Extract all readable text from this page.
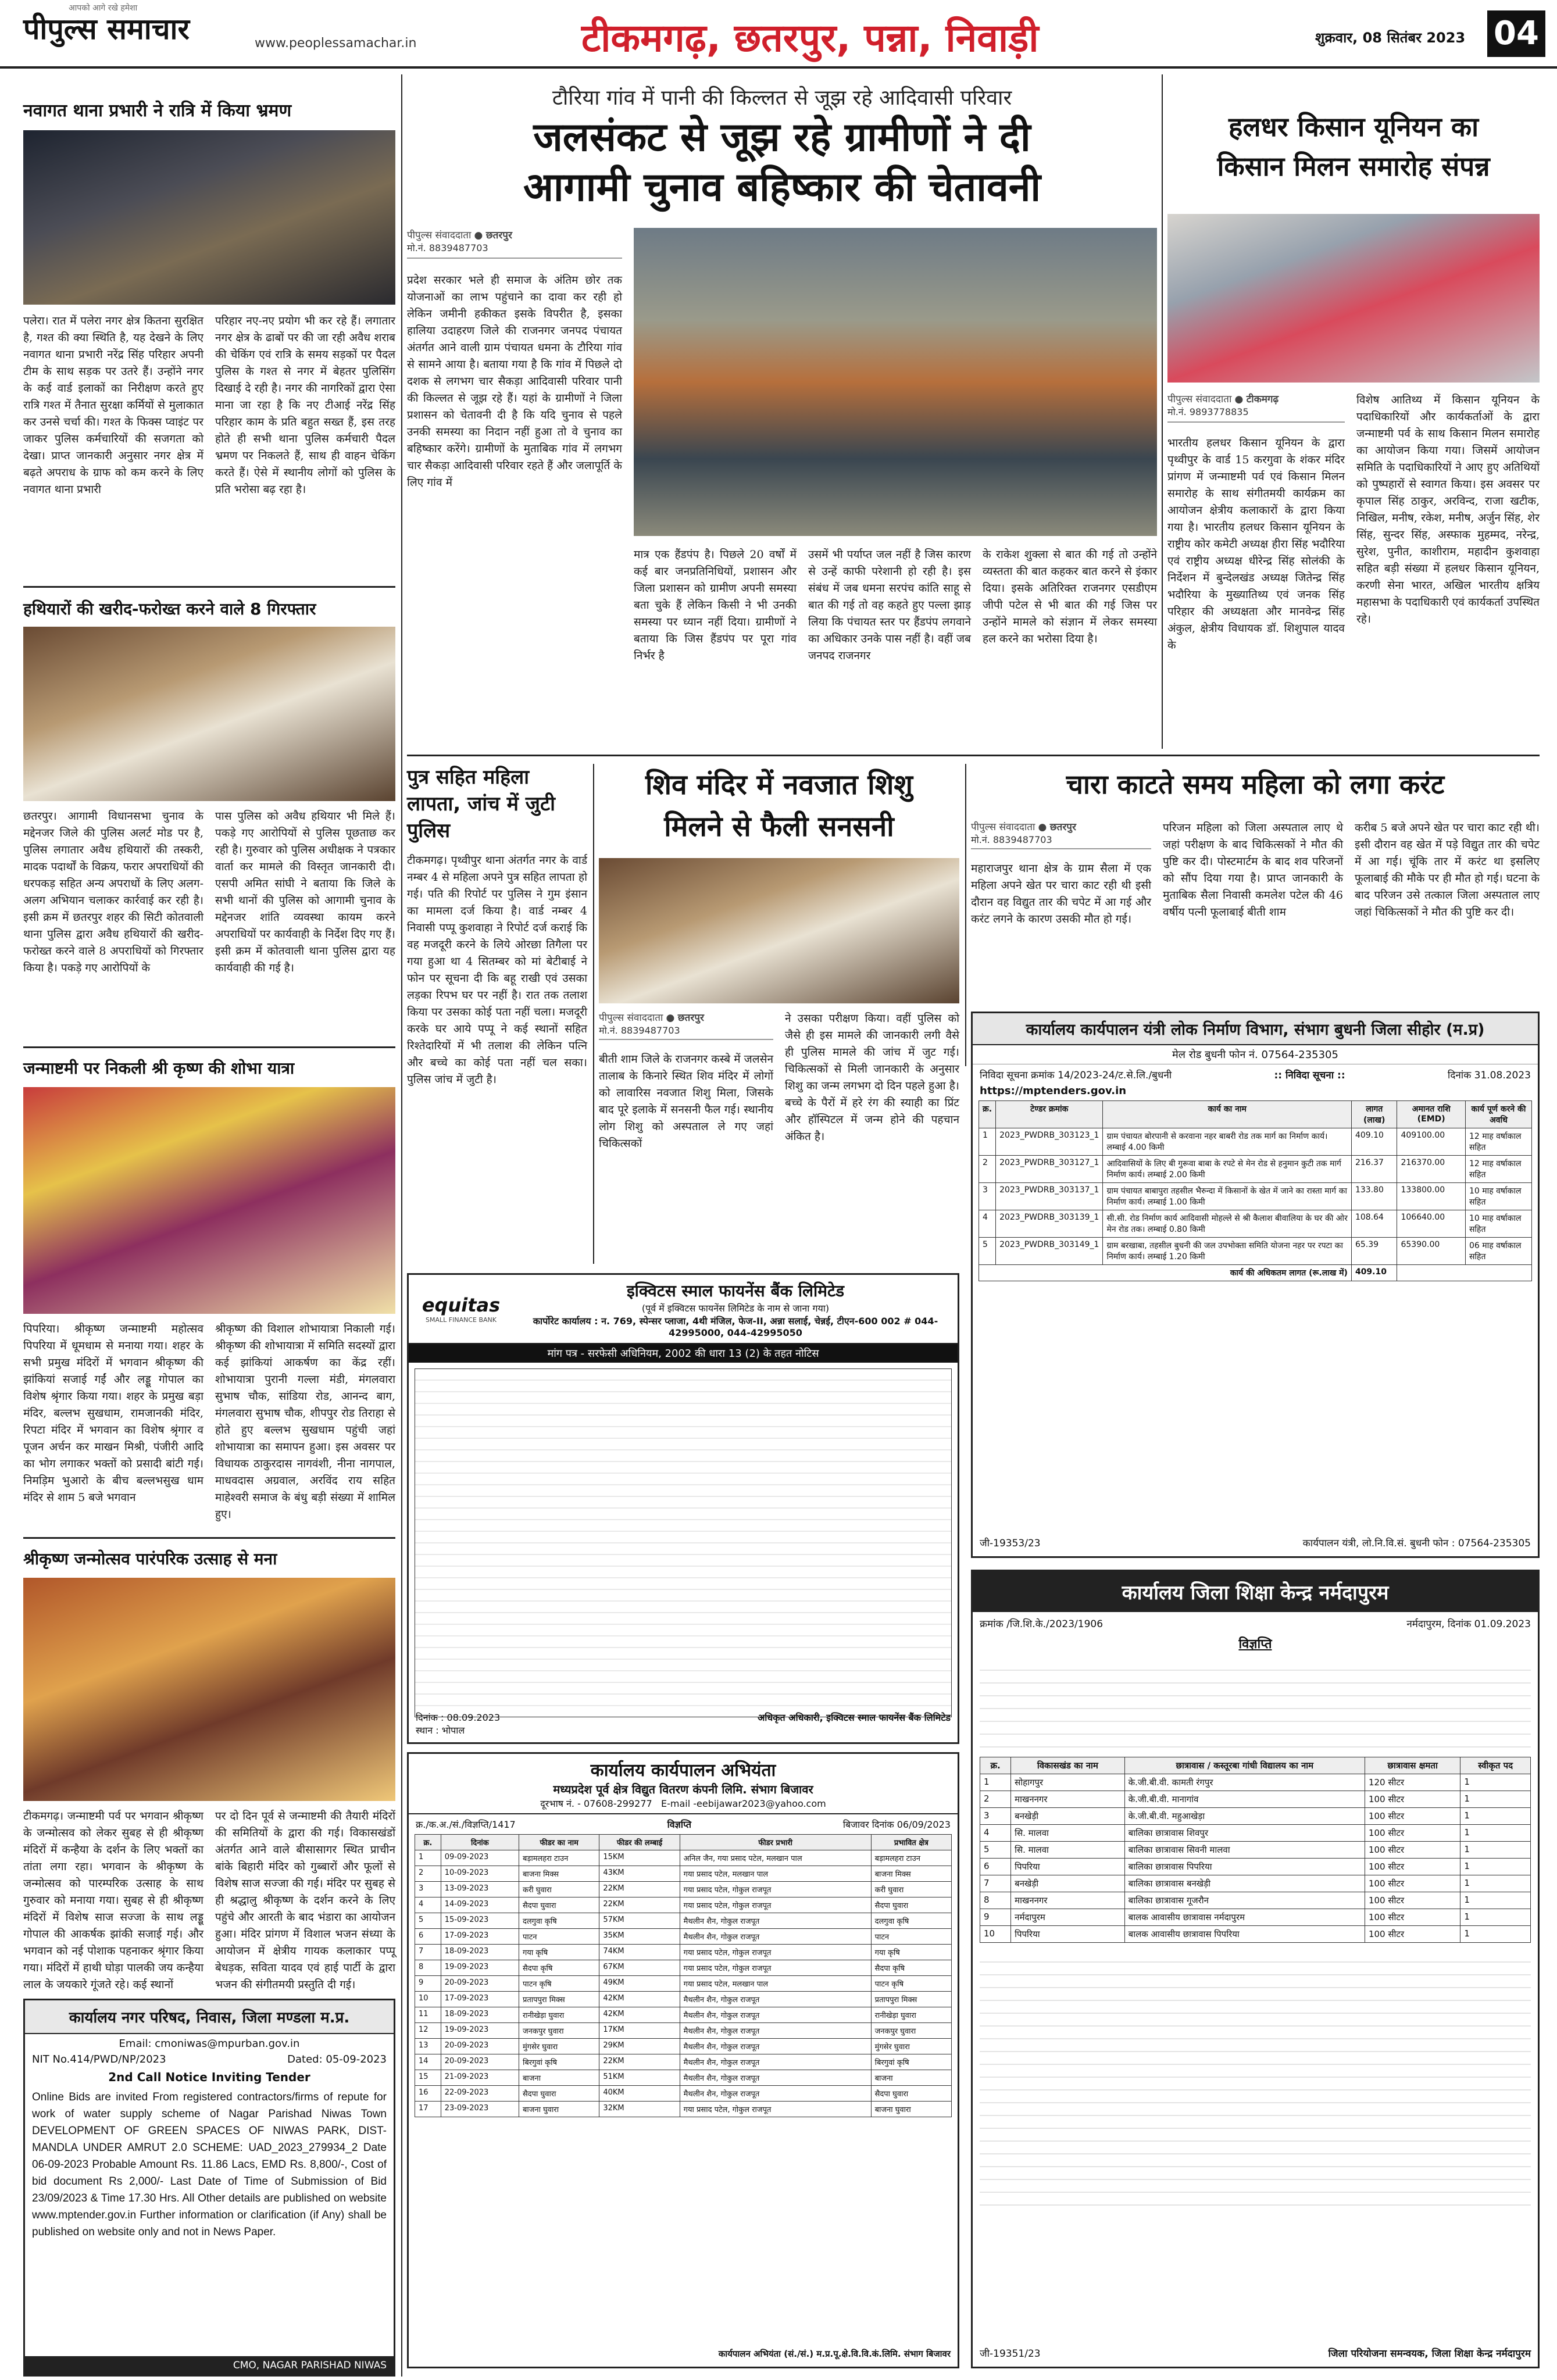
पीपुल्स समाचार
आपको आगे रखे हमेशा
www.peoplessamachar.in	टीकमगढ़, छतरपुर, पन्ना, निवाड़ी	शुक्रवार, 08 सितंबर 2023 04
नवागत थाना प्रभारी ने रात्रि में किया भ्रमण
पलेरा। रात में पलेरा नगर क्षेत्र कितना सुरक्षित है, गश्त की क्या स्थिति है, यह देखने के लिए नवागत थाना प्रभारी नरेंद्र सिंह परिहार अपनी टीम के साथ सड़क पर उतरे हैं। उन्होंने नगर के कई वार्ड इलाकों का निरीक्षण करते हुए रात्रि गश्त में तैनात सुरक्षा कर्मियों से मुलाकात कर उनसे चर्चा की। गश्त के फिक्स प्वाइंट पर जाकर पुलिस कर्मचारियों की सजगता को देखा। प्राप्त जानकारी अनुसार नगर क्षेत्र में बढ़ते अपराध के ग्राफ को कम करने के लिए नवागत थाना प्रभारी
परिहार नए-नए प्रयोग भी कर रहे हैं। लगातार नगर क्षेत्र के ढाबों पर की जा रही अवैध शराब की चेकिंग एवं रात्रि के समय सड़कों पर पैदल पुलिस के गश्त से नगर में बेहतर पुलिसिंग दिखाई दे रही है। नगर की नागरिकों द्वारा ऐसा माना जा रहा है कि नए टीआई नरेंद्र सिंह परिहार काम के प्रति बहुत सख्त हैं, इस तरह होते ही सभी थाना पुलिस कर्मचारी पैदल भ्रमण पर निकलते हैं, साथ ही वाहन चेकिंग करते हैं। ऐसे में स्थानीय लोगों को पुलिस के प्रति भरोसा बढ़ रहा है।
हथियारों की खरीद-फरोख्त करने वाले 8 गिरफ्तार
छतरपुर। आगामी विधानसभा चुनाव के मद्देनजर जिले की पुलिस अलर्ट मोड पर है, पुलिस लगातार अवैध हथियारों की तस्करी, मादक पदार्थों के विक्रय, फरार अपराधियों की धरपकड़ सहित अन्य अपराधों के लिए अलग-अलग अभियान चलाकर कार्रवाई कर रही है। इसी क्रम में छतरपुर शहर की सिटी कोतवाली थाना पुलिस द्वारा अवैध हथियारों की खरीद-फरोख्त करने वाले 8 अपराधियों को गिरफ्तार किया है। पकड़े गए आरोपियों के
पास पुलिस को अवैध हथियार भी मिले हैं। पकड़े गए आरोपियों से पुलिस पूछताछ कर रही है। गुरुवार को पुलिस अधीक्षक ने पत्रकार वार्ता कर मामले की विस्तृत जानकारी दी। एसपी अमित सांघी ने बताया कि जिले के सभी थानों की पुलिस को आगामी चुनाव के मद्देनजर शांति व्यवस्था कायम करने अपराधियों पर कार्यवाही के निर्देश दिए गए हैं। इसी क्रम में कोतवाली थाना पुलिस द्वारा यह कार्यवाही की गई है।
जन्माष्टमी पर निकली श्री कृष्ण की शोभा यात्रा
पिपरिया। श्रीकृष्ण जन्माष्टमी महोत्सव पिपरिया में धूमधाम से मनाया गया। शहर के सभी प्रमुख मंदिरों में भगवान श्रीकृष्ण की झांकियां सजाई गईं और लड्डू गोपाल का विशेष श्रृंगार किया गया। शहर के प्रमुख बड़ा मंदिर, बल्लभ सुखधाम, रामजानकी मंदिर, रिपटा मंदिर में भगवान का विशेष श्रृंगार व पूजन अर्चन कर माखन मिश्री, पंजीरी आदि का भोग लगाकर भक्तों को प्रसादी बांटी गई। निमड़िम भुआरो के बीच बल्लभसुख धाम मंदिर से शाम 5 बजे भगवान
श्रीकृष्ण की विशाल शोभायात्रा निकाली गई। श्रीकृष्ण की शोभायात्रा में समिति सदस्यों द्वारा कई झांकियां आकर्षण का केंद्र रहीं। शोभायात्रा पुरानी गल्ला मंडी, मंगलवारा सुभाष चौक, सांडिया रोड, आनन्द बाग, मंगलवारा सुभाष चौक, शीपपुर रोड तिराहा से होते हुए बल्लभ सुखधाम पहुंची जहां शोभायात्रा का समापन हुआ। इस अवसर पर विधायक ठाकुरदास नागवंशी, नीना नागपाल, माधवदास अग्रवाल, अरविंद राय सहित माहेश्वरी समाज के बंधु बड़ी संख्या में शामिल हुए।
श्रीकृष्ण जन्मोत्सव पारंपरिक उत्साह से मना
टीकमगढ़। जन्माष्टमी पर्व पर भगवान श्रीकृष्ण के जन्मोत्सव को लेकर सुबह से ही श्रीकृष्ण मंदिरों में कन्हैया के दर्शन के लिए भक्तों का तांता लगा रहा। भगवान के श्रीकृष्ण के जन्मोत्सव को पारम्परिक उत्साह के साथ गुरुवार को मनाया गया। सुबह से ही श्रीकृष्ण मंदिरों में विशेष साज सज्जा के साथ लड्डू गोपाल की आकर्षक झांकी सजाई गई। और भगवान को नई पोशाक पहनाकर श्रृंगार किया गया। मंदिरों में हाथी घोड़ा पालकी जय कन्हैया लाल के जयकारे गूंजते रहे। कई स्थानों
पर दो दिन पूर्व से जन्माष्टमी की तैयारी मंदिरों की समितियों के द्वारा की गई। विकासखंडों अंतर्गत आने वाले बीसासागर स्थित प्राचीन बांके बिहारी मंदिर को गुब्बारों और फूलों से विशेष साज सज्जा की गई। मंदिर पर सुबह से ही श्रद्धालु श्रीकृष्ण के दर्शन करने के लिए पहुंचे और आरती के बाद भंडारा का आयोजन हुआ। मंदिर प्रांगण में विशाल भजन संध्या के आयोजन में क्षेत्रीय गायक कलाकार पप्पू बेधड़क, सविता यादव एवं हाई पार्टी के द्वारा भजन की संगीतमयी प्रस्तुति दी गई।
कार्यालय नगर परिषद, निवास, जिला मण्डला म.प्र.
Email: cmoniwas@mpurban.gov.in
NIT No.414/PWD/NP/2023	Dated: 05-09-2023
2nd Call Notice Inviting Tender
Online Bids are invited From registered contractors/firms of repute for work of water supply scheme of Nagar Parishad Niwas Town DEVELOPMENT OF GREEN SPACES OF NIWAS PARK, DIST-MANDLA UNDER AMRUT 2.0 SCHEME: UAD_2023_279934_2 Date 06-09-2023 Probable Amount Rs. 11.86 Lacs, EMD Rs. 8,800/-, Cost of bid document Rs 2,000/- Last Date of Time of Submission of Bid 23/09/2023 & Time 17.30 Hrs. All Other details are published on website www.mptender.gov.in Further information or clarification (if Any) shall be published on website only and not in News Paper.
CMO, NAGAR PARISHAD NIWAS
टौरिया गांव में पानी की किल्लत से जूझ रहे आदिवासी परिवार
जलसंकट से जूझ रहे ग्रामीणों ने दी
आगामी चुनाव बहिष्कार की चेतावनी
पीपुल्स संवाददाता ● छतरपुर
मो.नं. 8839487703
प्रदेश सरकार भले ही समाज के अंतिम छोर तक योजनाओं का लाभ पहुंचाने का दावा कर रही हो लेकिन जमीनी हकीकत इसके विपरीत है, इसका हालिया उदाहरण जिले की राजनगर जनपद पंचायत अंतर्गत आने वाली ग्राम पंचायत धमना के टौरिया गांव से सामने आया है। बताया गया है कि गांव में पिछले दो दशक से लगभग चार सैकड़ा आदिवासी परिवार पानी की किल्लत से जूझ रहे हैं। यहां के ग्रामीणों ने जिला प्रशासन को चेतावनी दी है कि यदि चुनाव से पहले उनकी समस्या का निदान नहीं हुआ तो वे चुनाव का बहिष्कार करेंगे। ग्रामीणों के मुताबिक गांव में लगभग चार सैकड़ा आदिवासी परिवार रहते हैं और जलापूर्ति के लिए गांव में
मात्र एक हैंडपंप है। पिछले 20 वर्षों में कई बार जनप्रतिनिधियों, प्रशासन और जिला प्रशासन को ग्रामीण अपनी समस्या बता चुके हैं लेकिन किसी ने भी उनकी समस्या पर ध्यान नहीं दिया। ग्रामीणों ने बताया कि जिस हैंडपंप पर पूरा गांव निर्भर है
उसमें भी पर्याप्त जल नहीं है जिस कारण से उन्हें काफी परेशानी हो रही है। इस संबंध में जब धमना सरपंच कांति साहू से बात की गई तो वह कहते हुए पल्ला झाड़ लिया कि पंचायत स्तर पर हैंडपंप लगवाने का अधिकार उनके पास नहीं है। वहीं जब जनपद राजनगर
के राकेश शुक्ला से बात की गई तो उन्होंने व्यस्तता की बात कहकर बात करने से इंकार दिया। इसके अतिरिक्त राजनगर एसडीएम जीपी पटेल से भी बात की गई जिस पर उन्होंने मामले को संज्ञान में लेकर समस्या हल करने का भरोसा दिया है।
हलधर किसान यूनियन का
किसान मिलन समारोह संपन्न
पीपुल्स संवाददाता ● टीकमगढ़
मो.नं. 9893778835
भारतीय हलधर किसान यूनियन के द्वारा पृथ्वीपुर के वार्ड 15 करगुवा के शंकर मंदिर प्रांगण में जन्माष्टमी पर्व एवं किसान मिलन समारोह के साथ संगीतमयी कार्यक्रम का आयोजन क्षेत्रीय कलाकारों के द्वारा किया गया है। भारतीय हलधर किसान यूनियन के राष्ट्रीय कोर कमेटी अध्यक्ष हीरा सिंह भदौरिया एवं राष्ट्रीय अध्यक्ष धीरेन्द्र सिंह सोलंकी के निर्देशन में बुन्देलखंड अध्यक्ष जितेन्द्र सिंह भदौरिया के मुख्यातिथ्य एवं जनक सिंह परिहार की अध्यक्षता और मानवेन्द्र सिंह अंकुल, क्षेत्रीय विधायक डॉ. शिशुपाल यादव के
विशेष आतिथ्य में किसान यूनियन के पदाधिकारियों और कार्यकर्ताओं के द्वारा जन्माष्टमी पर्व के साथ किसान मिलन समारोह का आयोजन किया गया। जिसमें आयोजन समिति के पदाधिकारियों ने आए हुए अतिथियों को पुष्पहारों से स्वागत किया। इस अवसर पर कृपाल सिंह ठाकुर, अरविन्द, राजा खटीक, निखिल, मनीष, रकेश, मनीष, अर्जुन सिंह, शेर सिंह, सुन्दर सिंह, अस्फाक मुहम्मद, नरेन्द्र, सुरेश, पुनीत, काशीराम, महादीन कुशवाहा सहित बड़ी संख्या में हलधर किसान यूनियन, करणी सेना भारत, अखिल भारतीय क्षत्रिय महासभा के पदाधिकारी एवं कार्यकर्ता उपस्थित रहे।
पुत्र सहित महिला लापता, जांच में जुटी पुलिस
टीकमगढ़। पृथ्वीपुर थाना अंतर्गत नगर के वार्ड नम्बर 4 से महिला अपने पुत्र सहित लापता हो गई। पति की रिपोर्ट पर पुलिस ने गुम इंसान का मामला दर्ज किया है। वार्ड नम्बर 4 निवासी पप्पू कुशवाहा ने रिपोर्ट दर्ज कराई कि वह मजदूरी करने के लिये ओरछा तिगैला पर गया हुआ था 4 सितम्बर को मां बेटीबाई ने फोन पर सूचना दी कि बहू राखी एवं उसका लड़का रिपभ घर पर नहीं है। रात तक तलाश किया पर उसका कोई पता नहीं चला। मजदूरी करके घर आये पप्पू ने कई स्थानों सहित रिश्तेदारियों में भी तलाश की लेकिन पत्नि और बच्चे का कोई पता नहीं चल सका। पुलिस जांच में जुटी है।
शिव मंदिर में नवजात शिशु
मिलने से फैली सनसनी
पीपुल्स संवाददाता ● छतरपुर
मो.नं. 8839487703
बीती शाम जिले के राजनगर कस्बे में जलसेन तालाब के किनारे स्थित शिव मंदिर में लोगों को लावारिस नवजात शिशु मिला, जिसके बाद पूरे इलाके में सनसनी फैल गई। स्थानीय लोग शिशु को अस्पताल ले गए जहां चिकित्सकों
ने उसका परीक्षण किया। वहीं पुलिस को जैसे ही इस मामले की जानकारी लगी वैसे ही पुलिस मामले की जांच में जुट गई। चिकित्सकों से मिली जानकारी के अनुसार शिशु का जन्म लगभग दो दिन पहले हुआ है। बच्चे के पैरों में हरे रंग की स्याही का प्रिंट और हॉस्पिटल में जन्म होने की पहचान अंकित है।
चारा काटते समय महिला को लगा करंट
पीपुल्स संवाददाता ● छतरपुर
मो.नं. 8839487703
महाराजपुर थाना क्षेत्र के ग्राम सैला में एक महिला अपने खेत पर चारा काट रही थी इसी दौरान वह विद्युत तार की चपेट में आ गई और करंट लगने के कारण उसकी मौत हो गई।
परिजन महिला को जिला अस्पताल लाए थे जहां परीक्षण के बाद चिकित्सकों ने मौत की पुष्टि कर दी। पोस्टमार्टम के बाद शव परिजनों को सौंप दिया गया है। प्राप्त जानकारी के मुताबिक सैला निवासी कमलेश पटेल की 46 वर्षीय पत्नी फूलाबाई बीती शाम
करीब 5 बजे अपने खेत पर चारा काट रही थी। इसी दौरान वह खेत में पड़े विद्युत तार की चपेट में आ गई। चूंकि तार में करंट था इसलिए फूलाबाई की मौके पर ही मौत हो गई। घटना के बाद परिजन उसे तत्काल जिला अस्पताल लाए जहां चिकित्सकों ने मौत की पुष्टि कर दी।
कार्यालय कार्यपालन यंत्री लोक निर्माण विभाग, संभाग बुधनी जिला सीहोर (म.प्र)
मेल रोड बुधनी फोन नं. 07564-235305
निविदा सूचना क्रमांक 14/2023-24/ट.से.लि./बुधनी	:: निविदा सूचना ::	दिनांक 31.08.2023
https://mptenders.gov.in
क्र.	टेण्डर क्रमांक	कार्य का नाम	लागत (लाख)	अमानत राशि (EMD)	कार्य पूर्ण करने की अवधि
1	2023_PWDRB_303123_1	ग्राम पंचायत बोरपानी से करवाना नहर बाबरी रोड तक मार्ग का निर्माण कार्य। लम्बाई 4.00 किमी	409.10	409100.00	12 माह वर्षाकाल सहित
2	2023_PWDRB_303127_1	आदिवासियों के लिए बी गुरूवा बाबा के रपटे से मेन रोड से हनुमान कुटी तक मार्ग निर्माण कार्य। लम्बाई 2.00 किमी	216.37	216370.00	12 माह वर्षाकाल सहित
3	2023_PWDRB_303137_1	ग्राम पंचायत बाबापुरा तहसील भैरुन्दा में किसानों के खेत में जाने का रास्ता मार्ग का निर्माण कार्य। लम्बाई 1.00 किमी	133.80	133800.00	10 माह वर्षाकाल सहित
4	2023_PWDRB_303139_1	सी.सी. रोड निर्माण कार्य आदिवासी मोहल्ले से श्री कैलाश बीवालिया के घर की ओर मेन रोड तक। लम्बाई 0.80 किमी	108.64	106640.00	10 माह वर्षाकाल सहित
5	2023_PWDRB_303149_1	ग्राम बरखाबा, तहसील बुधनी की जल उपभोक्ता समिति योजना नहर पर रपटा का निर्माण कार्य। लम्बाई 1.20 किमी	65.39	65390.00	06 माह वर्षाकाल सहित
कार्य की अधिकतम लागत (रू.लाख में)			409.10		
जी-19353/23	कार्यपालन यंत्री, लो.नि.वि.सं. बुधनी फोन : 07564-235305
equitas
SMALL FINANCE BANK
इक्विटस स्माल फायनेंस बैंक लिमिटेड
(पूर्व में इक्विटस फायनेंस लिमिटेड के नाम से जाना गया)
कार्पोरेट कार्यालय : न. 769, स्पेन्सर प्लाजा, 4थी मंजिल, फेज-II, अन्ना सलाई, चेन्नई, टीएन-600 002 # 044-42995000, 044-42995050
मांग पत्र - सरफेसी अधिनियम, 2002 की धारा 13 (2) के तहत नोटिस
दिनांक : 08.09.2023
स्थान : भोपाल
अधिकृत अधिकारी, इक्विटस स्माल फायनेंस बैंक लिमिटेड
कार्यालय कार्यपालन अभियंता
मध्यप्रदेश पूर्व क्षेत्र विद्युत वितरण कंपनी लिमि. संभाग बिजावर
दूरभाष नं. - 07608-299277 E-mail -eebijawar2023@yahoo.com
क्र./क.अ./सं./विज्ञप्ति/1417	विज्ञप्ति	बिजावर दिनांक 06/09/2023
क्र.	दिनांक	फीडर का नाम	फीडर की लम्बाई	फीडर प्रभारी	प्रभावित क्षेत्र
1	09-09-2023	बड़ामलहरा टाउन	15KM	अनिल जैन, गया प्रसाद पटेल, मलखान पाल	बड़ामलहरा टाउन
2	10-09-2023	बाजना मिक्स	43KM	गया प्रसाद पटेल, मलखान पाल	बाजना मिक्स
3	13-09-2023	करी घुवारा	22KM	गया प्रसाद पटेल, गोकुल राजपूत	करी घुवारा
4	14-09-2023	सैदपा घुवारा	22KM	गया प्रसाद पटेल, गोकुल राजपूत	सैदपा घुवारा
5	15-09-2023	दलगुवा कृषि	57KM	मैथलीन शैन, गोकुल राजपूत	दलगुवा कृषि
6	17-09-2023	पाटन	35KM	मैथलीन शैन, गोकुल राजपूत	पाटन
7	18-09-2023	गया कृषि	74KM	गया प्रसाद पटेल, गोकुल राजपूत	गया कृषि
8	19-09-2023	सैदपा कृषि	67KM	गया प्रसाद पटेल, गोकुल राजपूत	सैदपा कृषि
9	20-09-2023	पाटन कृषि	49KM	गया प्रसाद पटेल, मलखान पाल	पाटन कृषि
10	17-09-2023	प्रतापपुरा मिक्स	42KM	मैथलीन शैन, गोकुल राजपूत	प्रतापपुरा मिक्स
11	18-09-2023	रानीखेड़ा घुवारा	42KM	मैथलीन शैन, गोकुल राजपूत	रानीखेड़ा घुवारा
12	19-09-2023	जनकपुर घुवारा	17KM	मैथलीन शैन, गोकुल राजपूत	जनकपुर घुवारा
13	20-09-2023	मुंगसेर घुवारा	29KM	मैथलीन शैन, गोकुल राजपूत	मुंगसेर घुवारा
14	20-09-2023	बिरगुवां कृषि	22KM	मैथलीन शैन, गोकुल राजपूत	बिरगुवां कृषि
15	21-09-2023	बाजना	51KM	मैथलीन शैन, गोकुल राजपूत	बाजना
16	22-09-2023	सैदपा घुवारा	40KM	मैथलीन शैन, गोकुल राजपूत	सैदपा घुवारा
17	23-09-2023	बाजना घुवारा	32KM	गया प्रसाद पटेल, गोकुल राजपूत	बाजना घुवारा
कार्यपालन अभियंता (सं./सं.) म.प्र.पू.क्षे.वि.वि.कं.लिमि. संभाग बिजावर
कार्यालय जिला शिक्षा केन्द्र नर्मदापुरम
क्रमांक /जि.शि.के./2023/1906	नर्मदापुरम, दिनांक 01.09.2023
विज्ञप्ति
क्र.	विकासखंड का नाम	छात्रावास / कस्तूरबा गांधी विद्यालय का नाम	छात्रावास क्षमता	स्वीकृत पद
1	सोहागपुर	के.जी.बी.वी. कामती रंगपुर	120 सीटर	1
2	माखननगर	के.जी.बी.वी. मानागांव	100 सीटर	1
3	बनखेड़ी	के.जी.बी.वी. महुआखेड़ा	100 सीटर	1
4	सि. मालवा	बालिका छात्रावास शिवपुर	100 सीटर	1
5	सि. मालवा	बालिका छात्रावास सिवनी मालवा	100 सीटर	1
6	पिपरिया	बालिका छात्रावास पिपरिया	100 सीटर	1
7	बनखेड़ी	बालिका छात्रावास बनखेड़ी	100 सीटर	1
8	माखननगर	बालिका छात्रावास गूजरौन	100 सीटर	1
9	नर्मदापुरम	बालक आवासीय छात्रावास नर्मदापुरम	100 सीटर	1
10	पिपरिया	बालक आवासीय छात्रावास पिपरिया	100 सीटर	1
जी-19351/23	जिला परियोजना समन्वयक, जिला शिक्षा केन्द्र नर्मदापुरम
